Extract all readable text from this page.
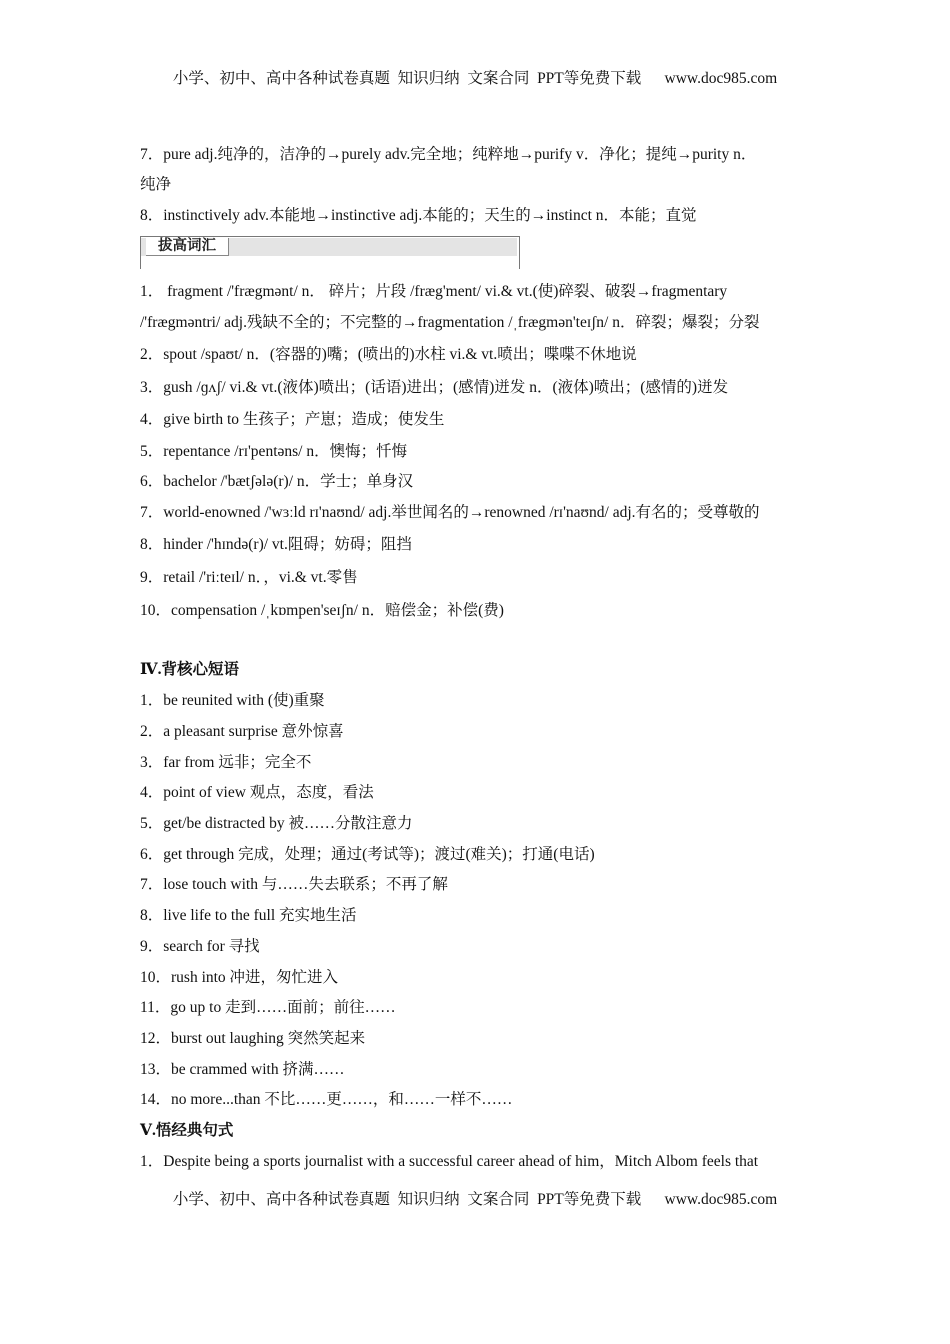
小学、初中、高中各种试卷真题  知识归纳  文案合同  PPT等免费下载      www.doc985.com
7．pure adj.纯净的，洁净的→purely adv.完全地；纯粹地→purify v．净化；提纯→purity n．
纯净
8．instinctively adv.本能地→instinctive adj.本能的；天生的→instinct n．本能；直觉
拔高词汇
1． fragment /'frægmənt/ n． 碎片；片段 /fræg'ment/ vi.& vt.(使)碎裂、破裂→fragmentary
/'frægməntri/ adj.残缺不全的；不完整的→fragmentation /ˌfrægmən'teɪʃn/ n．碎裂；爆裂；分裂
2．spout /spaʊt/ n．(容器的)嘴；(喷出的)水柱 vi.& vt.喷出；喋喋不休地说
3．gush /ɡʌʃ/ vi.& vt.(液体)喷出；(话语)进出；(感情)迸发 n．(液体)喷出；(感情的)迸发
4．give birth to 生孩子；产崽；造成；使发生
5．repentance /rɪ'pentəns/ n．懊悔；忏悔
6．bachelor /'bætʃələ(r)/ n．学士；单身汉
7．world-enowned /'wɜːld rɪ'naʊnd/ adj.举世闻名的→renowned /rɪ'naʊnd/ adj.有名的；受尊敬的
8．hinder /'hɪndə(r)/ vt.阻碍；妨碍；阻挡
9．retail /'riːteɪl/ n．，vi.& vt.零售
10．compensation /ˌkɒmpen'seɪʃn/ n．赔偿金；补偿(费)
Ⅳ.背核心短语
1．be reunited with (使)重聚
2．a pleasant surprise 意外惊喜
3．far from 远非；完全不
4．point of view 观点，态度，看法
5．get/be distracted by 被……分散注意力
6．get through 完成，处理；通过(考试等)；渡过(难关)；打通(电话)
7．lose touch with 与……失去联系；不再了解
8．live life to the full 充实地生活
9．search for 寻找
10．rush into 冲进，匆忙进入
11．go up to 走到……面前；前往……
12．burst out laughing 突然笑起来
13．be crammed with 挤满……
14．no more...than 不比……更……，和……一样不……
Ⅴ.悟经典句式
1．Despite being a sports journalist with a successful career ahead of him，Mitch Albom feels that
小学、初中、高中各种试卷真题  知识归纳  文案合同  PPT等免费下载      www.doc985.com
